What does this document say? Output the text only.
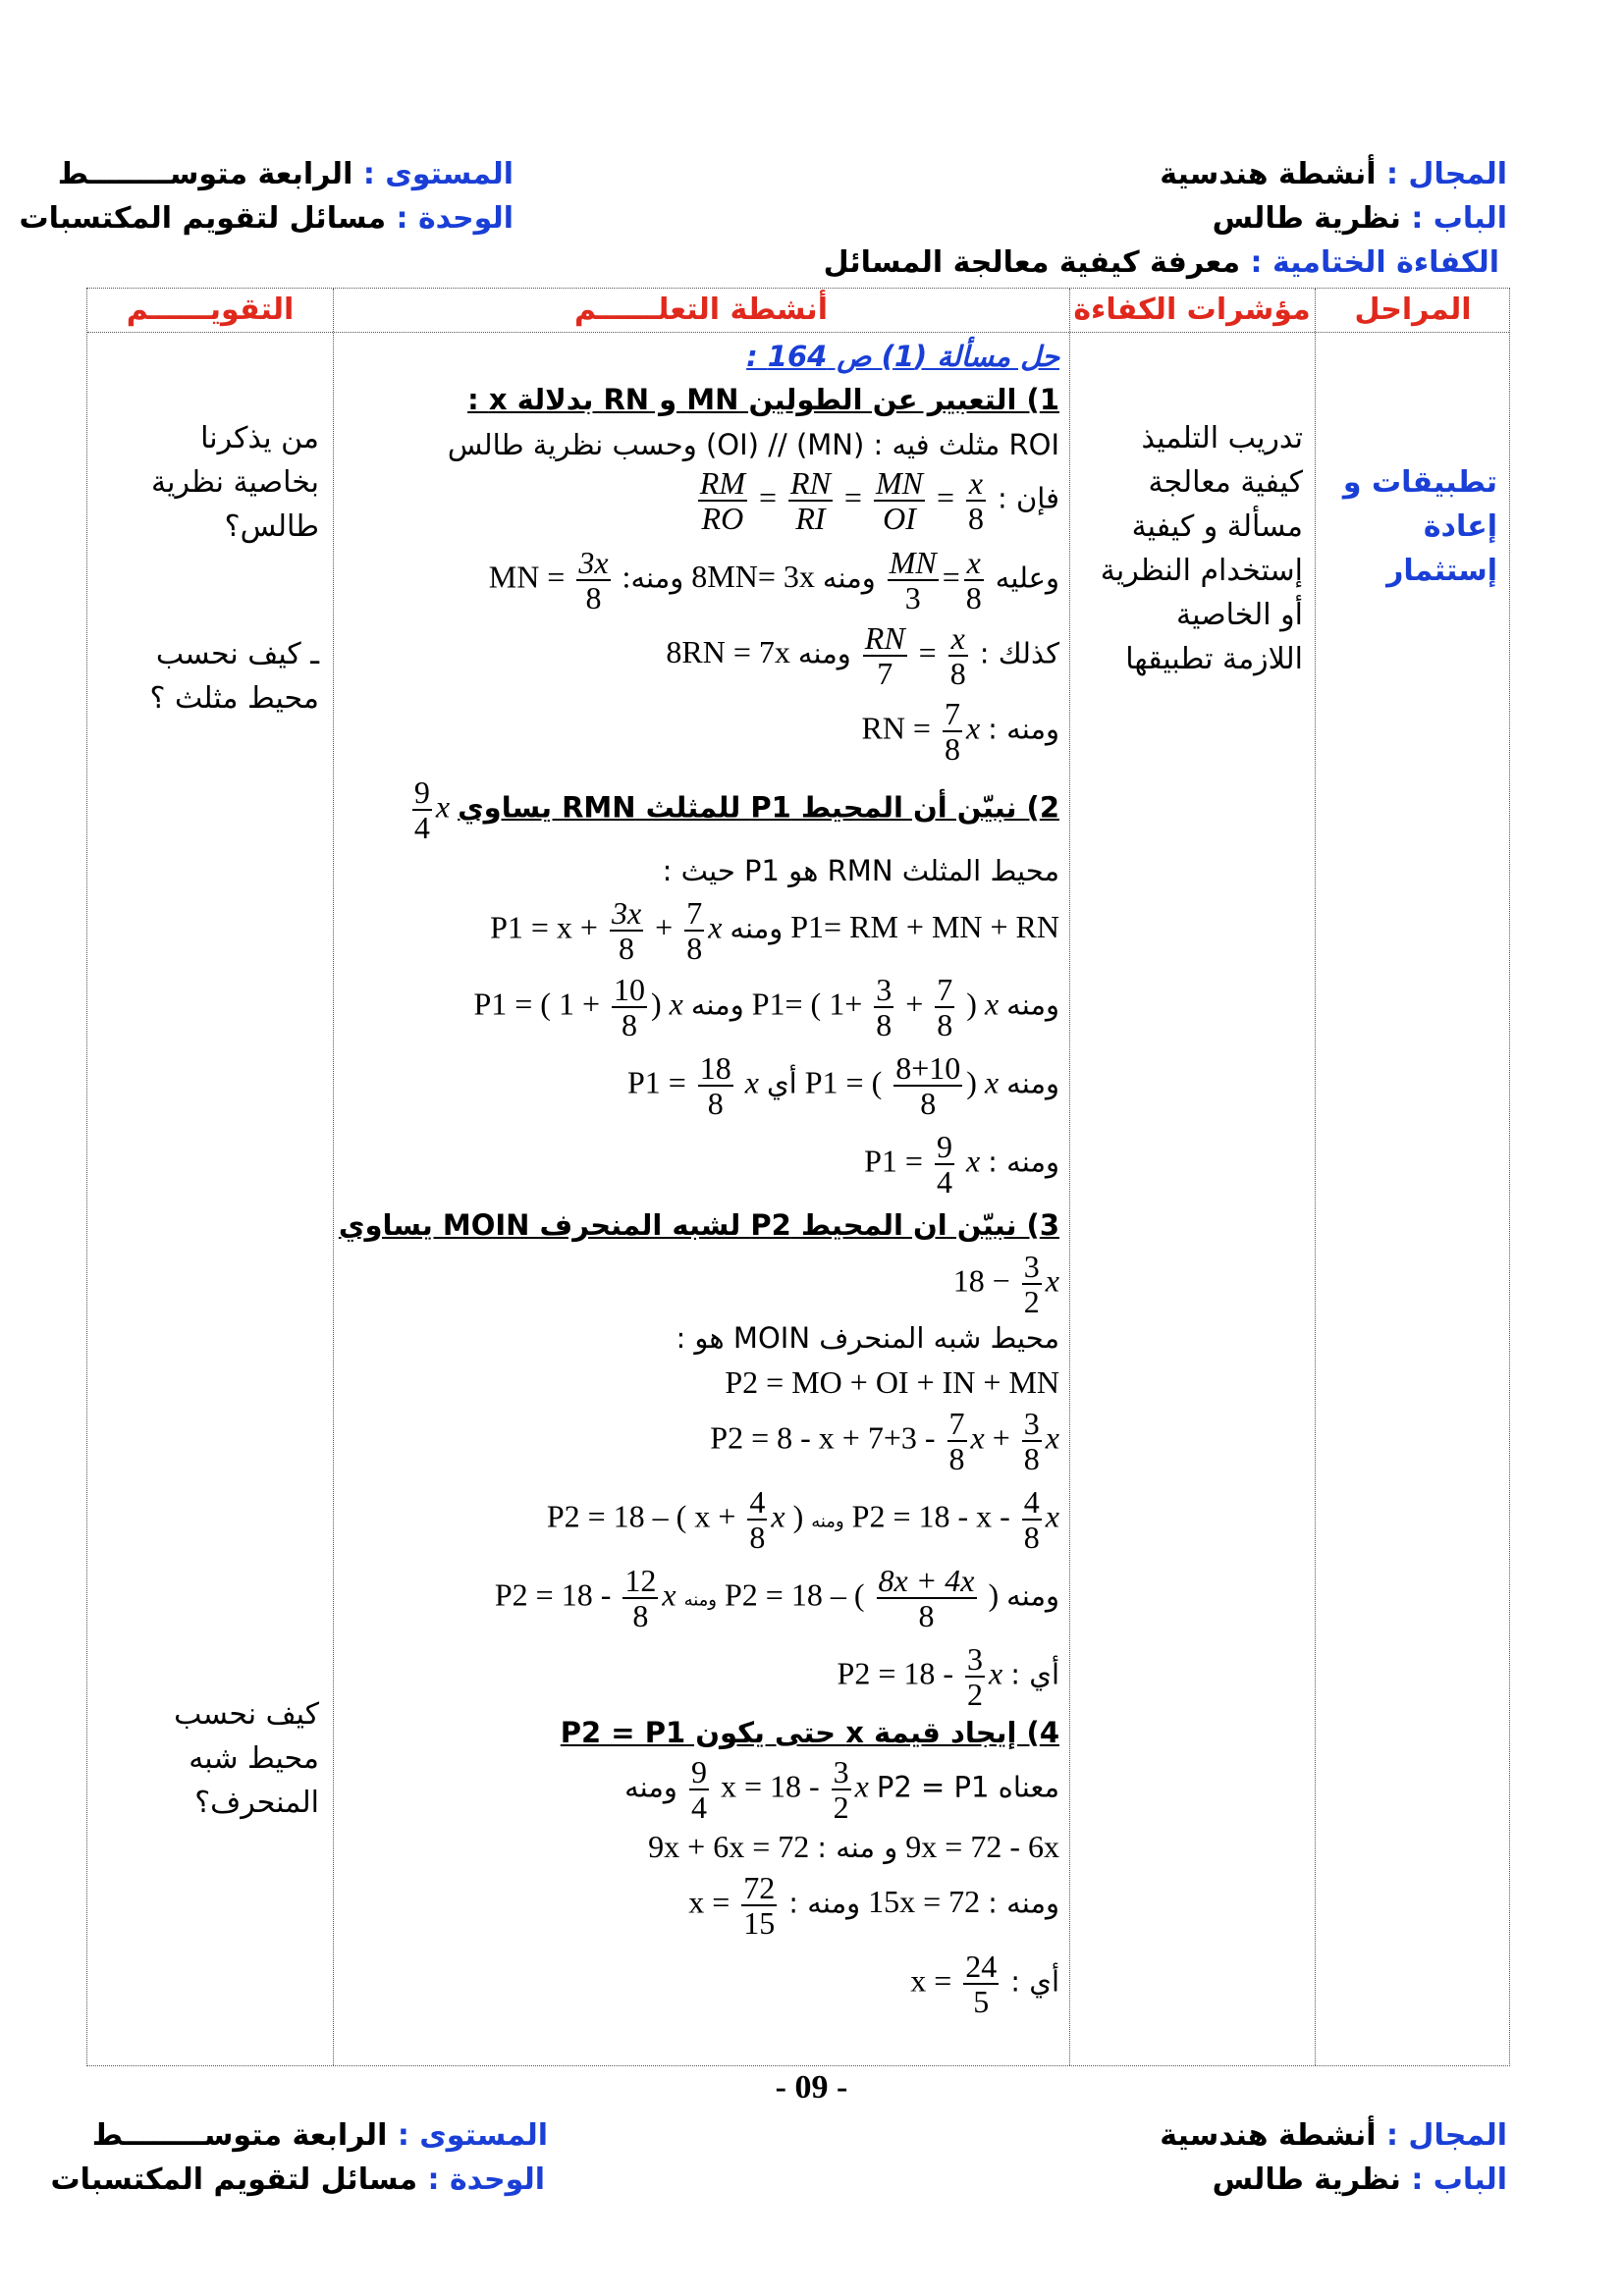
المجال : أنشطة هندسية
الباب : نظرية طالس
الكفاءة الختامية : معرفة كيفية معالجة المسائل
المستوى : الرابعة متوســــــــط
الوحدة : مسائل لتقويم المكتسبات
المراحل
مؤشرات الكفاءة
أنشطة التعلــــــم
التقويــــــم
تطبيقات و
إعادة
إستثمار
تدريب التلميذ
كيفية معالجة
مسألة و كيفية
إستخدام النظرية
أو الخاصية
اللازمة تطبيقها
من يذكرنا
بخاصية نظرية
طالس؟
ـ كيف نحسب
محيط مثلث ؟
كيف نحسب
محيط شبه
المنحرف؟
حل مسألة (1) ص 164 :
1) التعبير عن الطولين MN و RN بدلالة x :
ROI مثلث فيه : (MN) // (OI) وحسب نظرية طالس
فإن :
$\frac{RM}{RO} = \frac{RN}{RI} = \frac{MN}{OI} = \frac{x}{8}$
وعليه
$\frac{MN}{3} = \frac{x}{8}$
ومنه 8MN= 3x ومنه: MN = $\frac{3x}{8}$
كذلك :
$\frac{RN}{7} = \frac{x}{8}$
ومنه 8RN = 7x
ومنه : RN = $\frac{7}{8}$ x
2) نبيّن أن المحيط P1 للمثلث RMN يساوي
$\frac{9}{4}$ x
محيط المثلث RMN هو P1 حيث :
P1= RM + MN + RN ومنه $P1 = x + \frac{3x}{8} + \frac{7}{8}$ x
ومنه P1= ( $1+ \frac{3}{8} + \frac{7}{8}$ ) x ومنه P1 = ( $1 + \frac{10}{8}$ ) x
ومنه P1 = ( $\frac{8+10}{8}$ ) x أي $P1 = \frac{18}{8}$ x
ومنه : $P1 = \frac{9}{4}$ x
3) نبيّن ان المحيط P2 لشبه المنحرف MOIN يساوي
$18 - \frac{3}{2}$ x
محيط شبه المنحرف MOIN هو :
P2 = MO + OI + IN + MN
$P2 = 8 - x + 7+3 - \frac{7}{8}$ $x + \frac{3}{8}$ x
$P2 = 18 - x - \frac{4}{8}$ x ومنه P2 = 18 – ( $x + \frac{4}{8}$ x )
ومنه P2 = 18 – ( $\frac{8x + 4x}{8}$ ) ومنه $P2 = 18 - \frac{12}{8}$ x
أي : $P2 = 18 - \frac{3}{2}$ x
4) إيجاد قيمة x حتى يكون P2 = P1
معناه P2 = P1
$\frac{9}{4}$ $x = 18 - \frac{3}{2}$ x ومنه
9x = 72 - 6x و منه : 9x + 6x = 72
ومنه : 15x = 72 ومنه : $x = \frac{72}{15}$
أي : $x = \frac{24}{5}$
- 09 -
المجال : أنشطة هندسية
الباب : نظرية طالس
المستوى : الرابعة متوســــــــط
الوحدة : مسائل لتقويم المكتسبات
